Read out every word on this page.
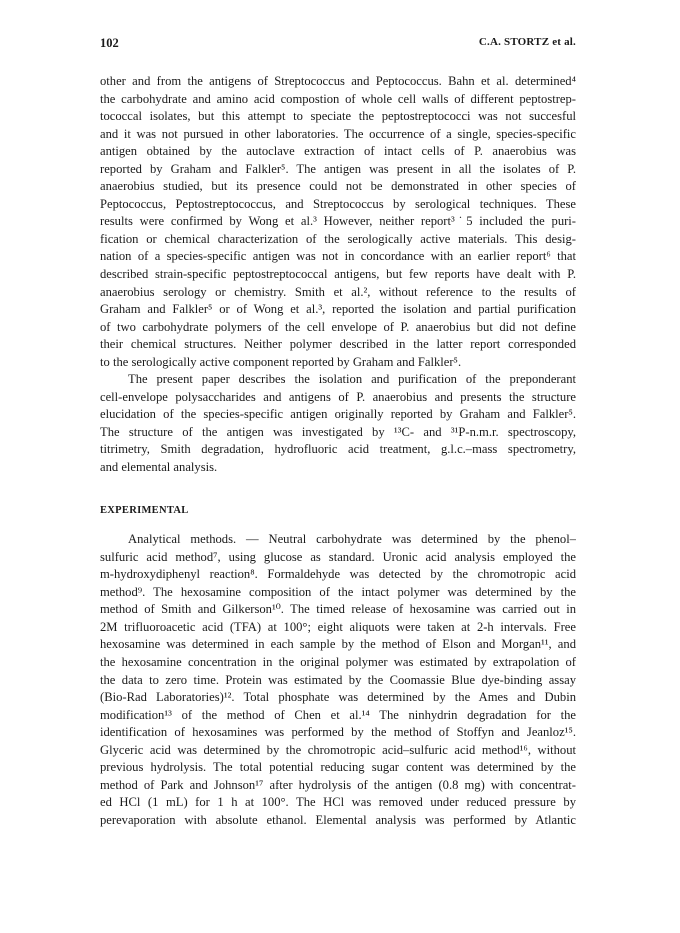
102	C.A. STORTZ et al.
other and from the antigens of Streptococcus and Peptococcus. Bahn et al. determined⁴
the carbohydrate and amino acid compostion of whole cell walls of different peptostrep-
tococcal isolates, but this attempt to speciate the peptostreptococci was not succesful
and it was not pursued in other laboratories. The occurrence of a single, species-specific
antigen obtained by the autoclave extraction of intact cells of P. anaerobius was
reported by Graham and Falkler⁵. The antigen was present in all the isolates of P.
anaerobius studied, but its presence could not be demonstrated in other species of
Peptococcus, Peptostreptococcus, and Streptococcus by serological techniques. These
results were confirmed by Wong et al.³ However, neither report³˙5 included the puri-
fication or chemical characterization of the serologically active materials. This desig-
nation of a species-specific antigen was not in concordance with an earlier report⁶ that
described strain-specific peptostreptococcal antigens, but few reports have dealt with P.
anaerobius serology or chemistry. Smith et al.², without reference to the results of
Graham and Falkler⁵ or of Wong et al.³, reported the isolation and partial purification
of two carbohydrate polymers of the cell envelope of P. anaerobius but did not define
their chemical structures. Neither polymer described in the latter report corresponded
to the serologically active component reported by Graham and Falkler⁵.
The present paper describes the isolation and purification of the preponderant
cell-envelope polysaccharides and antigens of P. anaerobius and presents the structure
elucidation of the species-specific antigen originally reported by Graham and Falkler⁵.
The structure of the antigen was investigated by ¹³C- and ³¹P-n.m.r. spectroscopy,
titrimetry, Smith degradation, hydrofluoric acid treatment, g.l.c.–mass spectrometry,
and elemental analysis.
EXPERIMENTAL
Analytical methods. — Neutral carbohydrate was determined by the phenol–
sulfuric acid method⁷, using glucose as standard. Uronic acid analysis employed the
m-hydroxydiphenyl reaction⁸. Formaldehyde was detected by the chromotropic acid
method⁹. The hexosamine composition of the intact polymer was determined by the
method of Smith and Gilkerson¹⁰. The timed release of hexosamine was carried out in
2M trifluoroacetic acid (TFA) at 100°; eight aliquots were taken at 2-h intervals. Free
hexosamine was determined in each sample by the method of Elson and Morgan¹¹, and
the hexosamine concentration in the original polymer was estimated by extrapolation of
the data to zero time. Protein was estimated by the Coomassie Blue dye-binding assay
(Bio-Rad Laboratories)¹². Total phosphate was determined by the Ames and Dubin
modification¹³ of the method of Chen et al.¹⁴ The ninhydrin degradation for the
identification of hexosamines was performed by the method of Stoffyn and Jeanloz¹⁵.
Glyceric acid was determined by the chromotropic acid–sulfuric acid method¹⁶, without
previous hydrolysis. The total potential reducing sugar content was determined by the
method of Park and Johnson¹⁷ after hydrolysis of the antigen (0.8 mg) with concentrat-
ed HCl (1 mL) for 1 h at 100°. The HCl was removed under reduced pressure by
perevaporation with absolute ethanol. Elemental analysis was performed by Atlantic
